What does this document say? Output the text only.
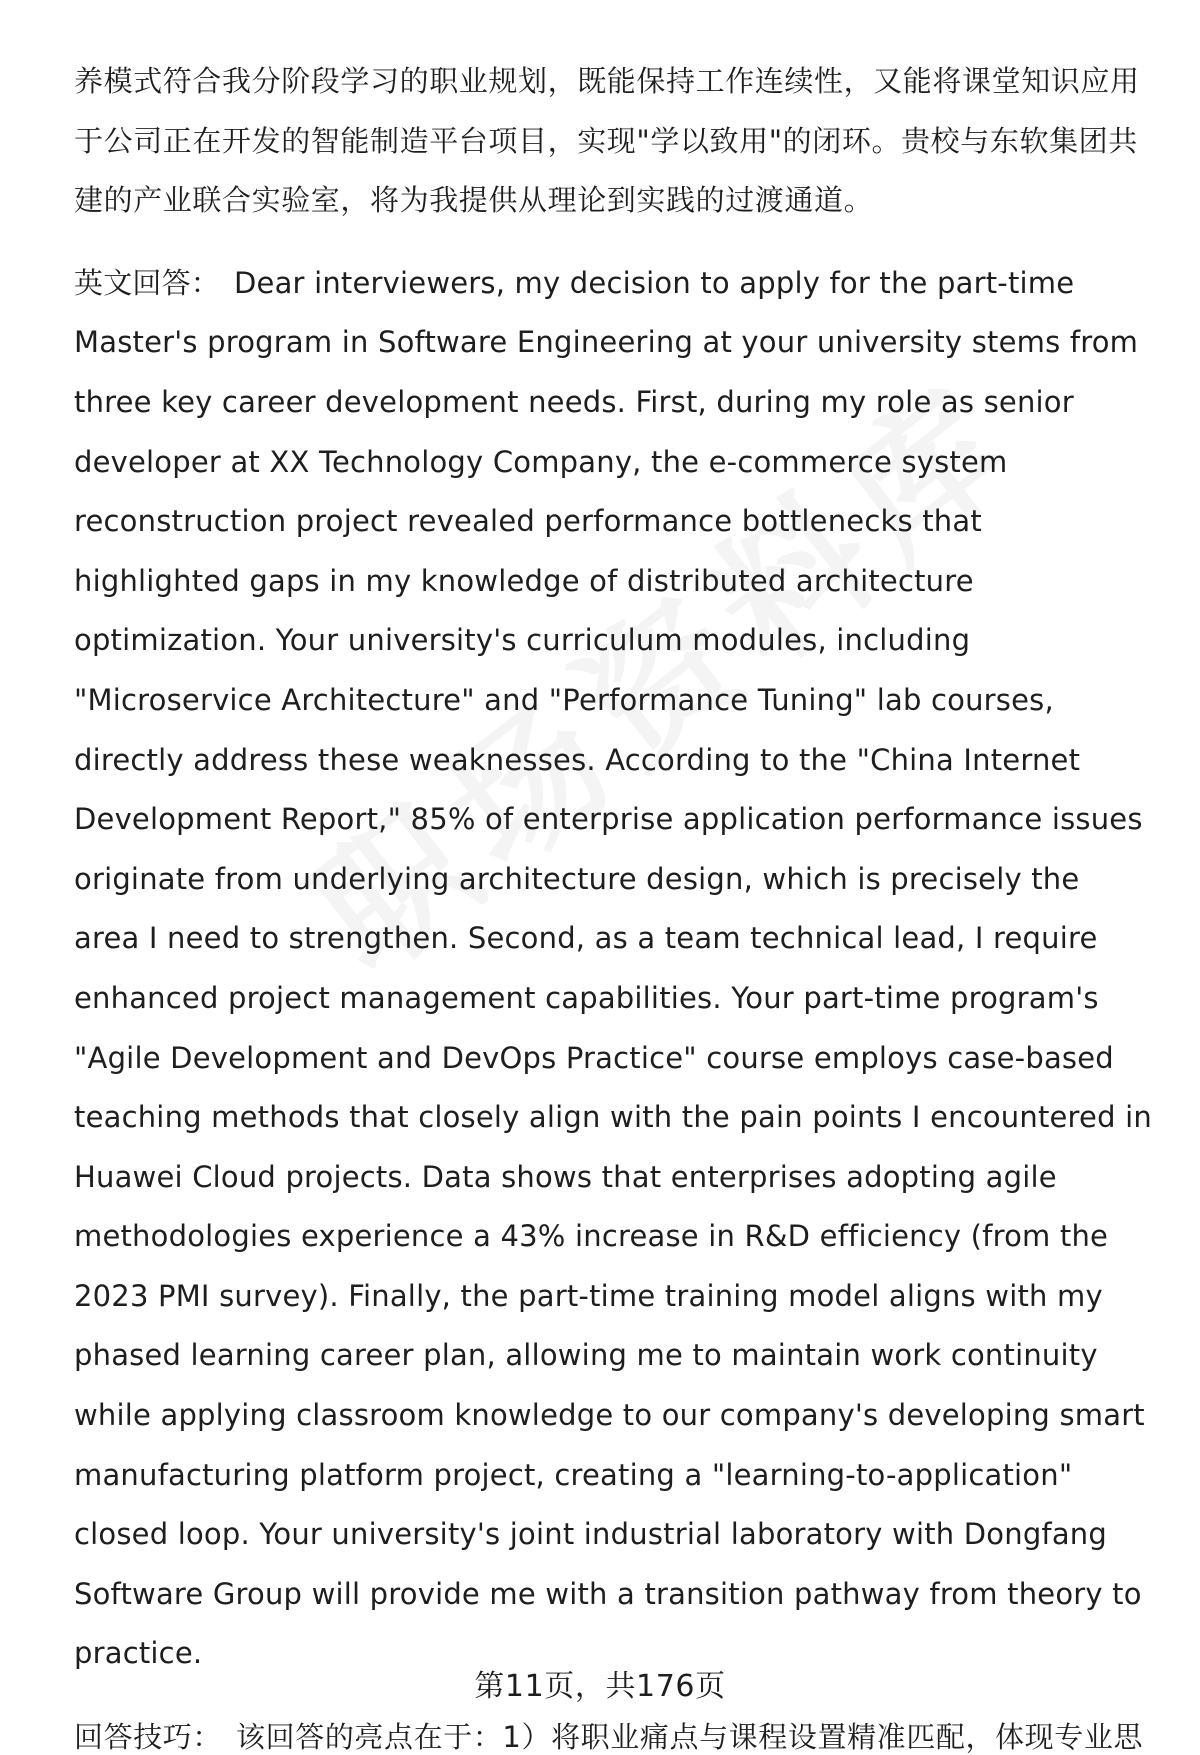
养模式符合我分阶段学习的职业规划，既能保持工作连续性，又能将课堂知识应用于公司正在开发的智能制造平台项目，实现"学以致用"的闭环。贵校与东软集团共建的产业联合实验室，将为我提供从理论到实践的过渡通道。

英文回答： Dear interviewers, my decision to apply for the part-time Master's program in Software Engineering at your university stems from three key career development needs. First, during my role as senior developer at XX Technology Company, the e-commerce system reconstruction project revealed performance bottlenecks that highlighted gaps in my knowledge of distributed architecture optimization. Your university's curriculum modules, including "Microservice Architecture" and "Performance Tuning" lab courses, directly address these weaknesses. According to the "China Internet Development Report," 85% of enterprise application performance issues originate from underlying architecture design, which is precisely the area I need to strengthen. Second, as a team technical lead, I require enhanced project management capabilities. Your part-time program's "Agile Development and DevOps Practice" course employs case-based teaching methods that closely align with the pain points I encountered in Huawei Cloud projects. Data shows that enterprises adopting agile methodologies experience a 43% increase in R&D efficiency (from the 2023 PMI survey). Finally, the part-time training model aligns with my phased learning career plan, allowing me to maintain work continuity while applying classroom knowledge to our company's developing smart manufacturing platform project, creating a "learning-to-application" closed loop. Your university's joint industrial laboratory with Dongfang Software Group will provide me with a transition pathway from theory to practice.

回答技巧： 该回答的亮点在于：1）将职业痛点与课程设置精准匹配，体现专业思

第11页，共176页
